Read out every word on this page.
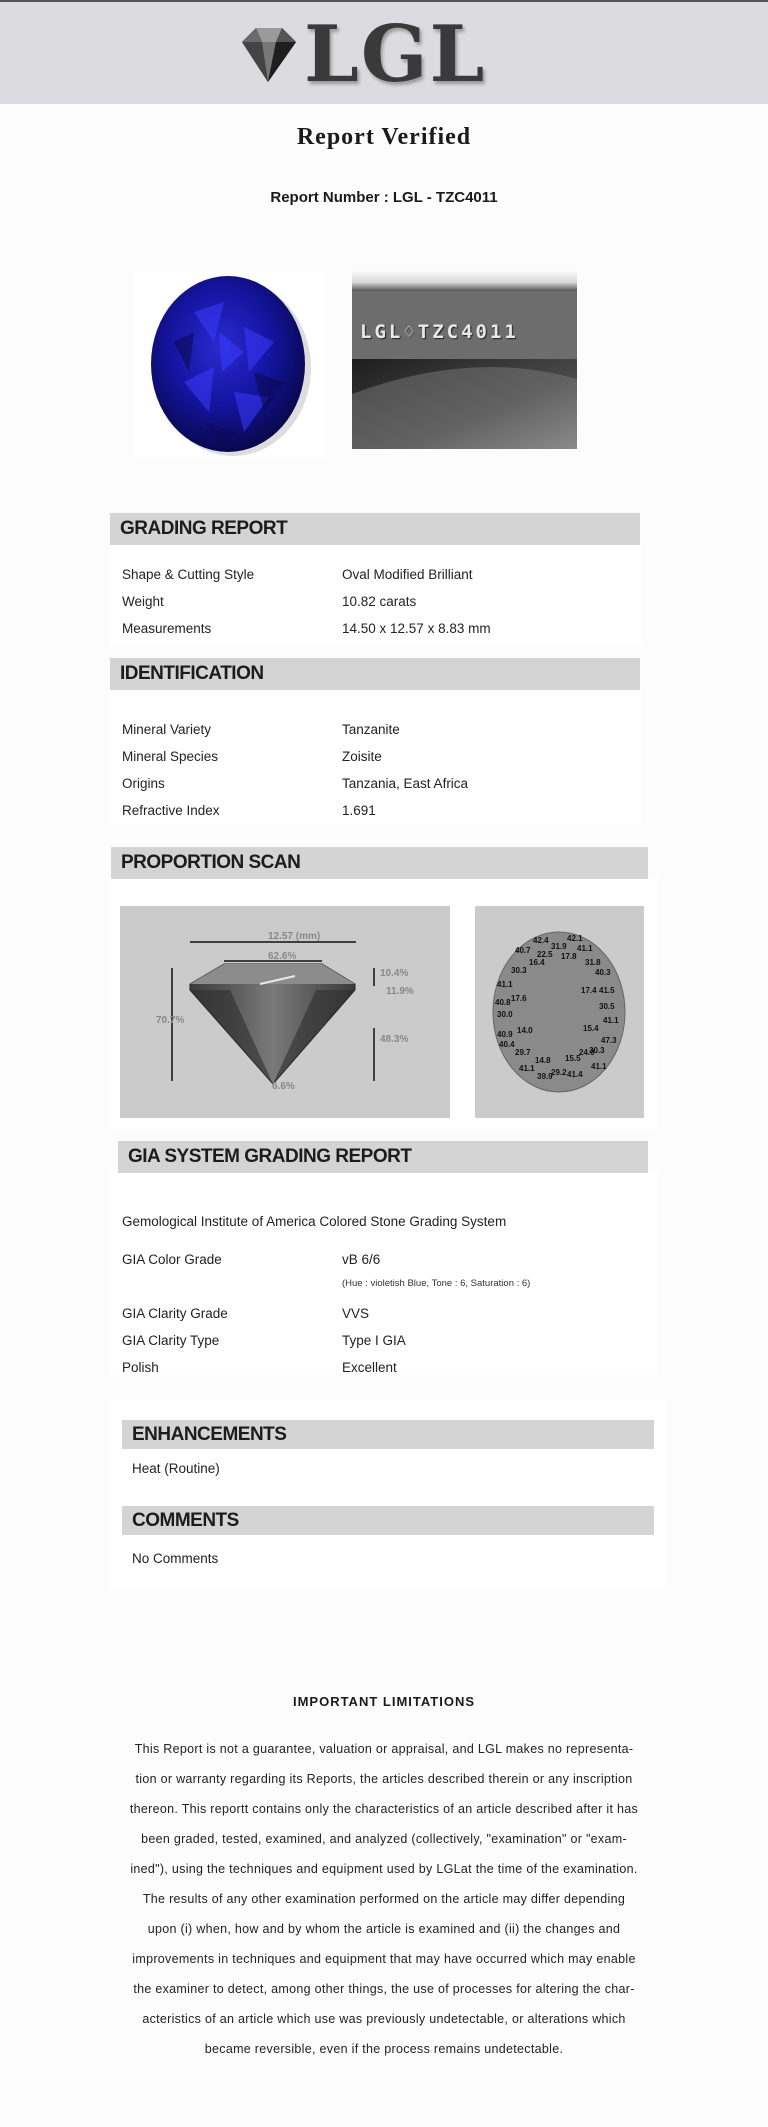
LGL
Report Verified
Report Number : LGL - TZC4011
LGL♢TZC4011
GRADING REPORT
Shape & Cutting Style	Oval Modified Brilliant
Weight	10.82 carats
Measurements	14.50 x 12.57 x 8.83 mm
IDENTIFICATION
Mineral Variety	Tanzanite
Mineral Species	Zoisite
Origins	Tanzania, East Africa
Refractive Index	1.691
PROPORTION SCAN
12.57 (mm)
62.6%
70.7%
10.4%
11.9%
48.3%
6.6%
42.4 42.1
40.7	31.9
22.5
41.1
17.8
16.4
30.3
31.8
41.1
40.3
17.4 41.5
17.6
40.8	30.5
30.0
41.1
15.4
14.0
40.9
47.3
40.4
29.7	24.0
30.3
14.8 15.5
41.1	41.1
29.2
39.9 41.4
GIA SYSTEM GRADING REPORT
Gemological Institute of America Colored Stone Grading System
GIA Color Grade	vB 6/6
(Hue : violetish Blue, Tone : 6, Saturation : 6)
GIA Clarity Grade	VVS
GIA Clarity Type	Type I GIA
Polish	Excellent
ENHANCEMENTS
Heat (Routine)
COMMENTS
No Comments
IMPORTANT LIMITATIONS
This Report is not a guarantee, valuation or appraisal, and LGL makes no representa-
tion or warranty regarding its Reports, the articles described therein or any inscription
thereon. This reportt contains only the characteristics of an article described after it has
been graded, tested, examined, and analyzed (collectively, "examination" or "exam-
ined"), using the techniques and equipment used by LGLat the time of the examination.
The results of any other examination performed on the article may differ depending
upon (i) when, how and by whom the article is examined and (ii) the changes and
improvements in techniques and equipment that may have occurred which may enable
the examiner to detect, among other things, the use of processes for altering the char-
acteristics of an article which use was previously undetectable, or alterations which
became reversible, even if the process remains undetectable.
